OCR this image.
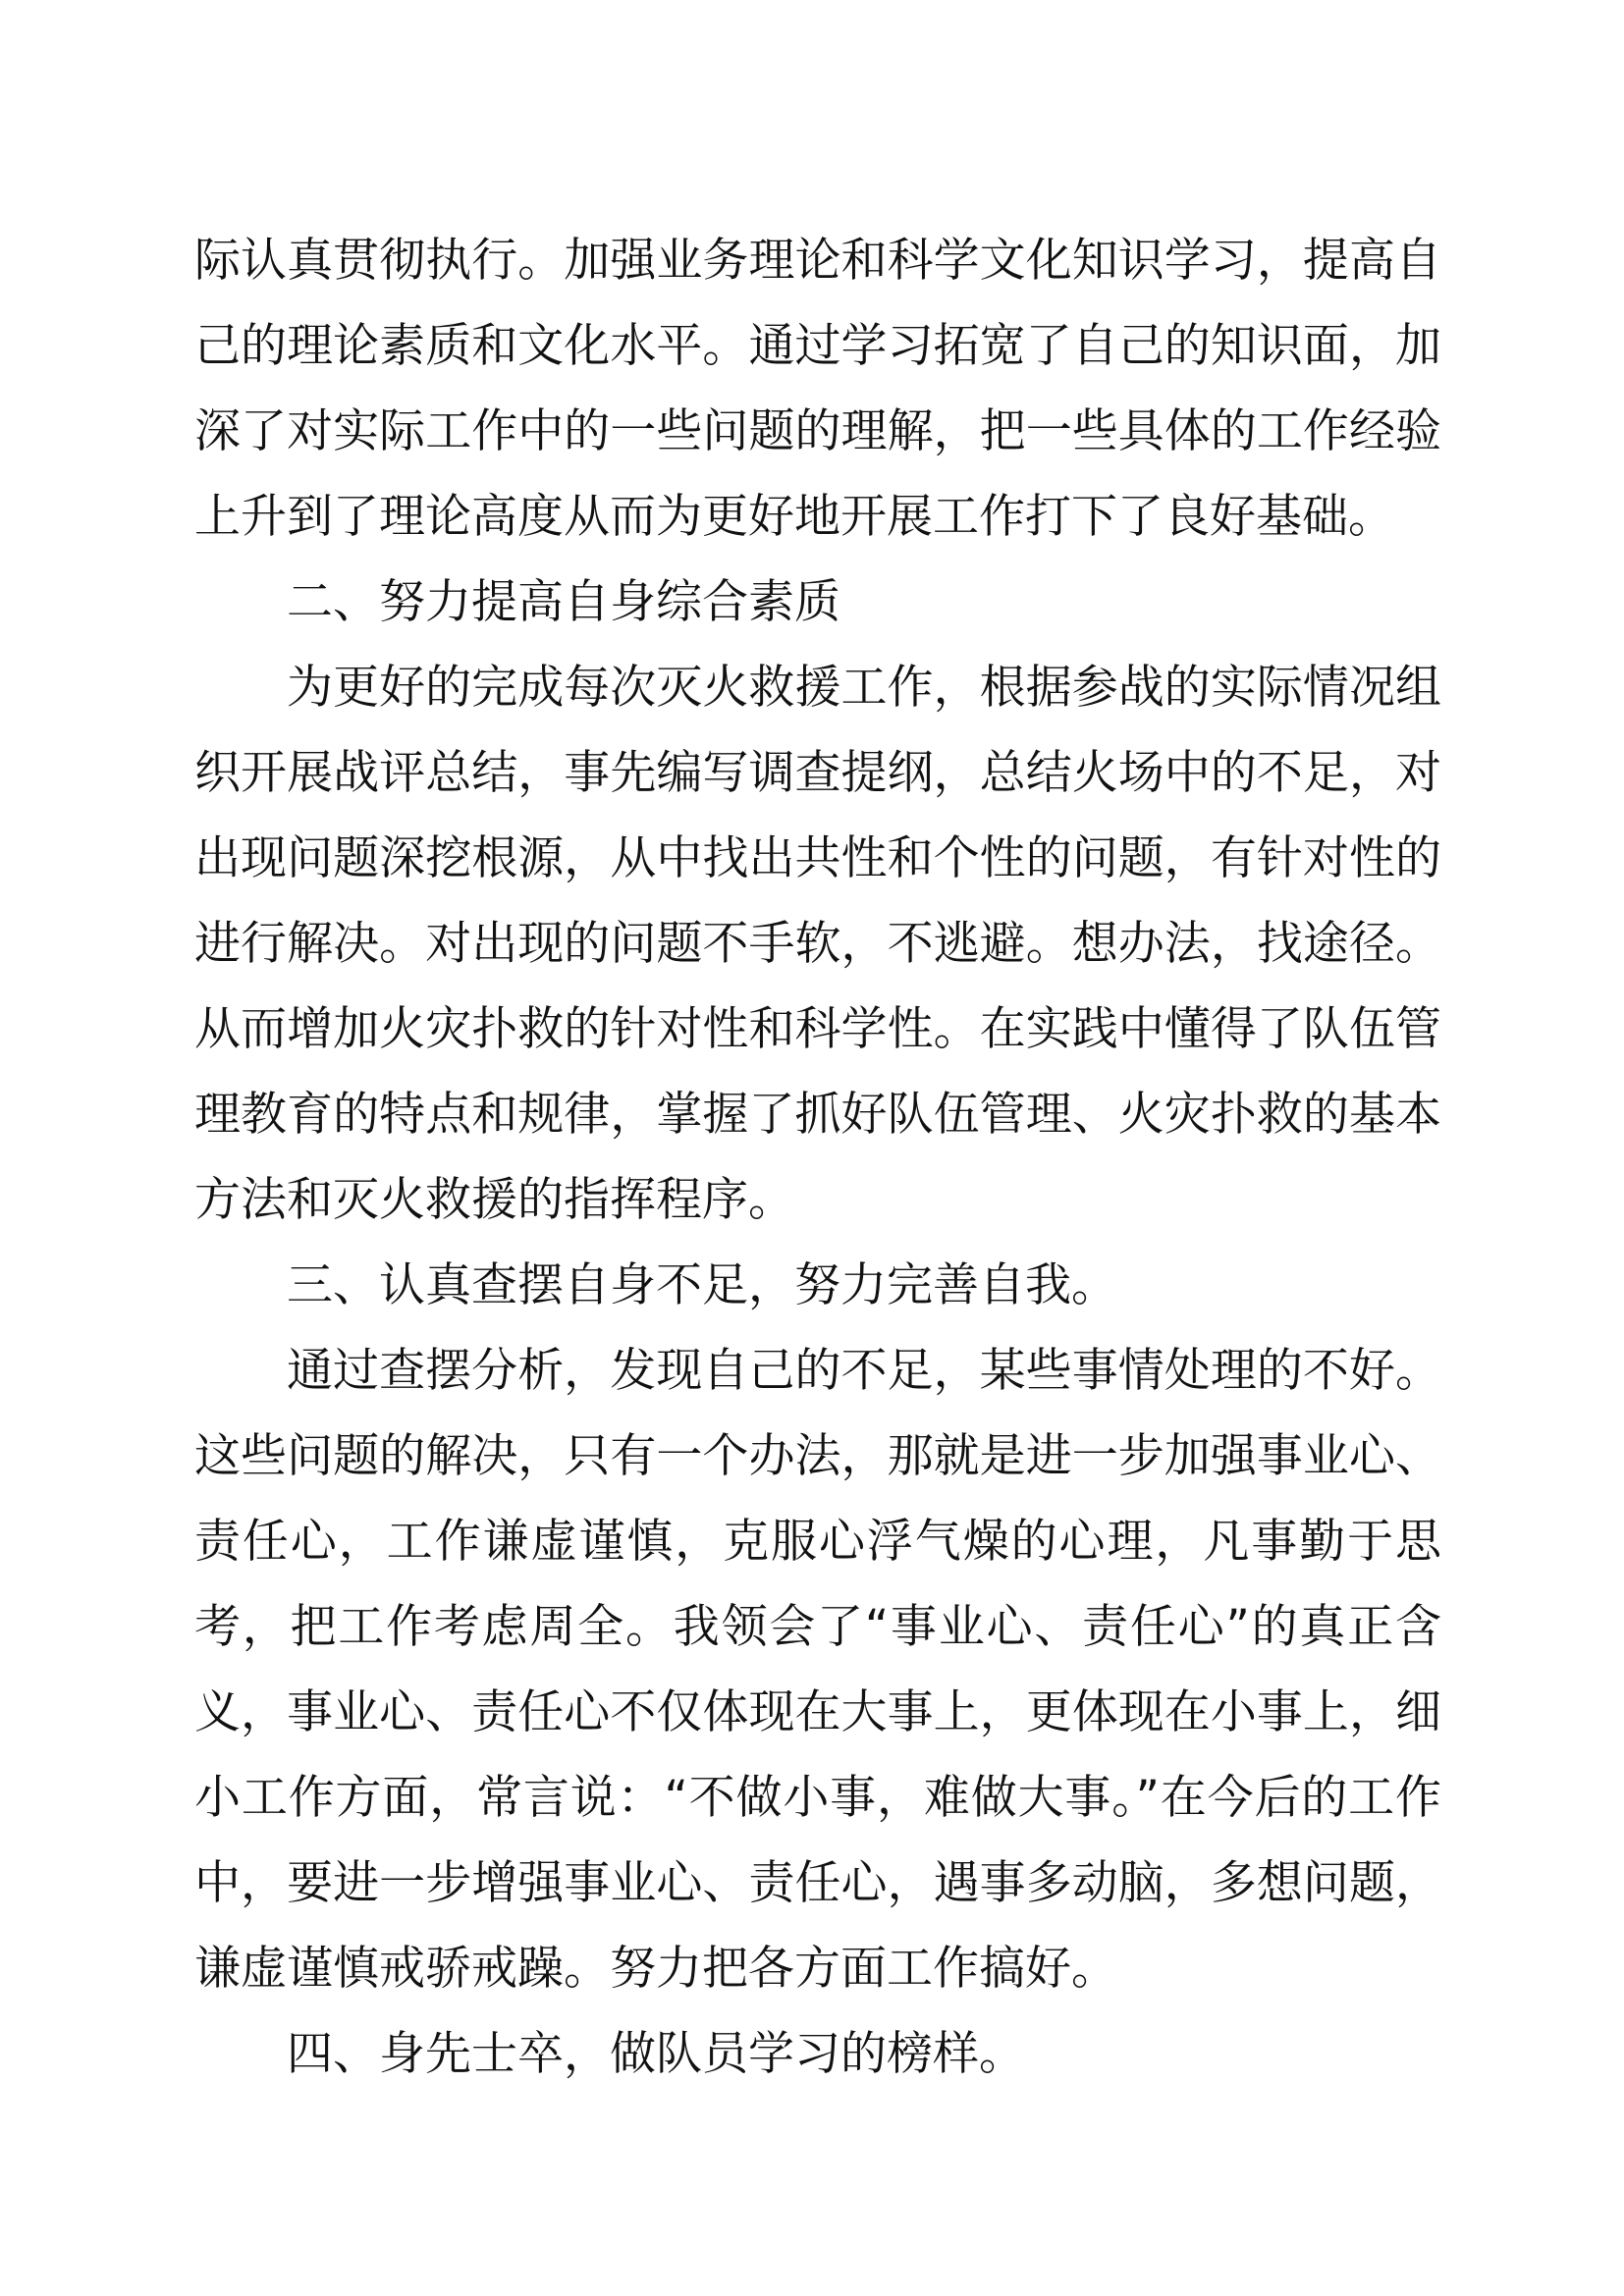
际认真贯彻执行。加强业务理论和科学文化知识学习，提高自己的理论素质和文化水平。通过学习拓宽了自己的知识面，加深了对实际工作中的一些问题的理解，把一些具体的工作经验上升到了理论高度从而为更好地开展工作打下了良好基础。

二、努力提高自身综合素质

为更好的完成每次灭火救援工作，根据参战的实际情况组织开展战评总结，事先编写调查提纲，总结火场中的不足，对出现问题深挖根源，从中找出共性和个性的问题，有针对性的进行解决。对出现的问题不手软，不逃避。想办法，找途径。从而增加火灾扑救的针对性和科学性。在实践中懂得了队伍管理教育的特点和规律，掌握了抓好队伍管理、火灾扑救的基本方法和灭火救援的指挥程序。

三、认真查摆自身不足，努力完善自我。

通过查摆分析，发现自己的不足，某些事情处理的不好。这些问题的解决，只有一个办法，那就是进一步加强事业心、责任心，工作谦虚谨慎，克服心浮气燥的心理，凡事勤于思考，把工作考虑周全。我领会了“事业心、责任心”的真正含义，事业心、责任心不仅体现在大事上，更体现在小事上，细小工作方面，常言说：“不做小事，难做大事。”在今后的工作中，要进一步增强事业心、责任心，遇事多动脑，多想问题，谦虚谨慎戒骄戒躁。努力把各方面工作搞好。

四、身先士卒，做队员学习的榜样。
